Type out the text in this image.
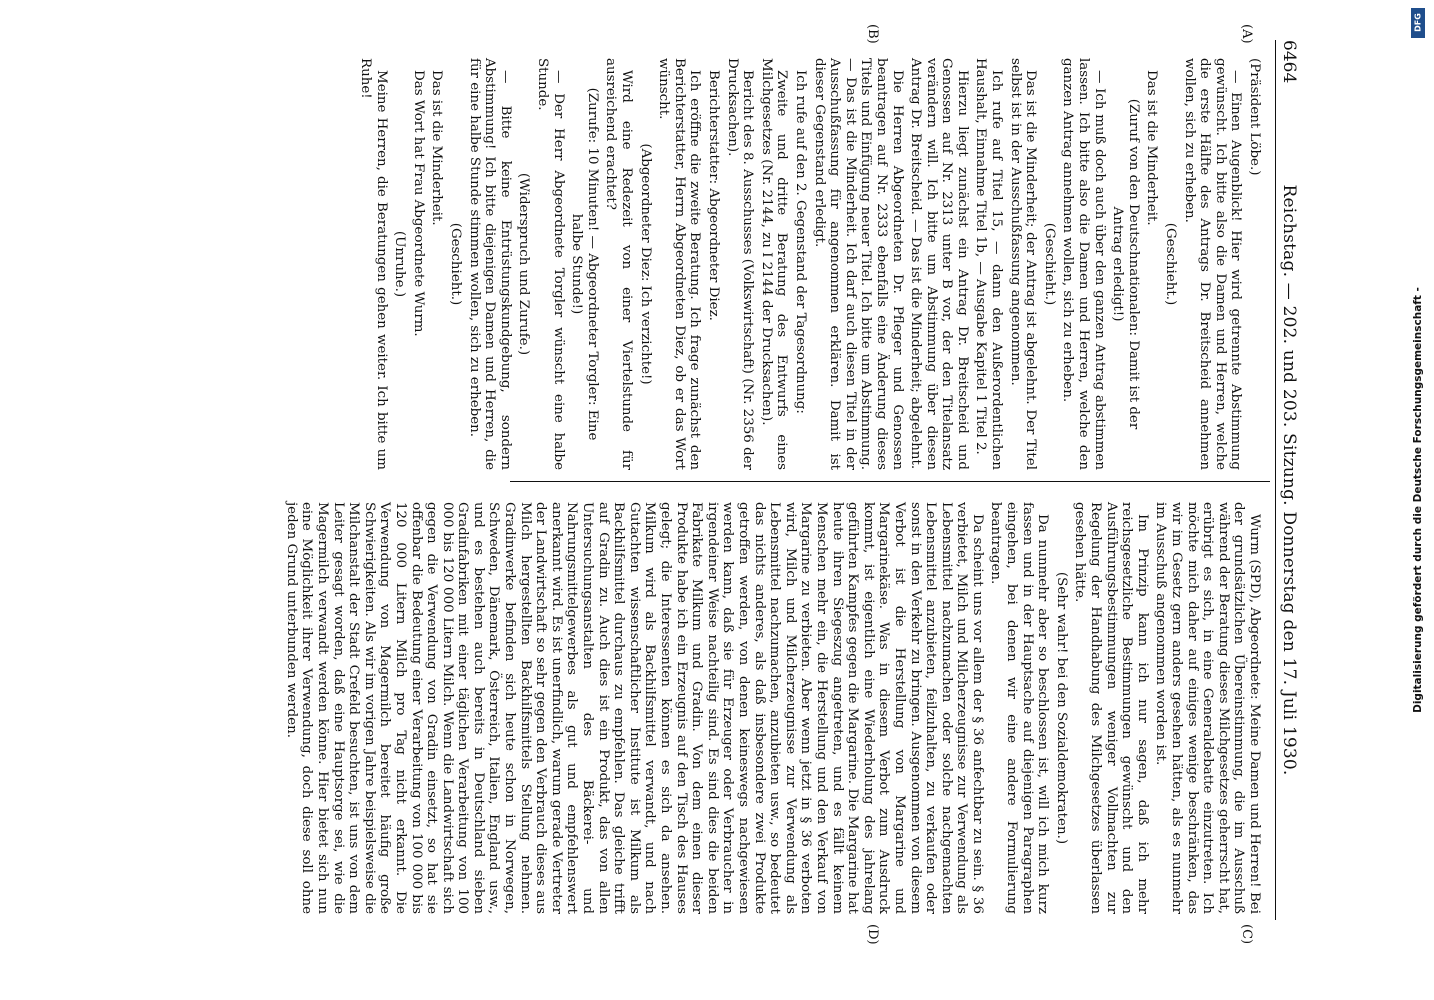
6464
Reichstag. — 202. und 203. Sitzung. Donnerstag den 17. Juli 1930.
(A)
(B)
(C)
(D)

(Präsident Löbe.)

— Einen Augenblick! Hier wird getrennte Abstimmung gewünscht. Ich bitte also die Damen und Herren, welche die erste Hälfte des Antrags Dr. Breitscheid annehmen wollen, sich zu erheben.

(Geschieht.)

Das ist die Minderheit.

(Zuruf von den Deutschnationalen: Damit ist der Antrag erledigt!)

— Ich muß doch auch über den ganzen Antrag abstimmen lassen. Ich bitte also die Damen und Herren, welche den ganzen Antrag annehmen wollen, sich zu erheben.

(Geschieht.)

Das ist die Minderheit; der Antrag ist abgelehnt. Der Titel selbst ist in der Ausschußfassung angenommen.

Ich rufe auf Titel 15, — dann den Außerordentlichen Haushalt, Einnahme Titel 1b, — Ausgabe Kapitel 1 Titel 2.

Hierzu liegt zunächst ein Antrag Dr. Breitscheid und Genossen auf Nr. 2313 unter B vor, der den Titelansatz verändern will. Ich bitte um Abstimmung über diesen Antrag Dr. Breitscheid. — Das ist die Minderheit; abgelehnt.

Die Herren Abgeordneten Dr. Pfleger und Genossen beantragen auf Nr. 2333 ebenfalls eine Änderung dieses Titels und Einfügung neuer Titel. Ich bitte um Abstimmung. — Das ist die Minderheit. Ich darf auch diesen Titel in der Ausschußfassung für angenommen erklären. Damit ist dieser Gegenstand erledigt.

Ich rufe auf den 2. Gegenstand der Tagesordnung:

Zweite und dritte Beratung des Entwurfs eines Milchgesetzes (Nr. 2144, zu I 2144 der Drucksachen).

Bericht des 8. Ausschusses (Volkswirtschaft) (Nr. 2356 der Drucksachen).

Berichterstatter: Abgeordneter Diez.

Ich eröffne die zweite Beratung. Ich frage zunächst den Berichterstatter, Herrn Abgeordneten Diez, ob er das Wort wünscht.

(Abgeordneter Diez: Ich verzichte!)

Wird eine Redezeit von einer Viertelstunde für ausreichend erachtet?

(Zurufe: 10 Minuten! — Abgeordneter Torgler: Eine halbe Stunde!)

— Der Herr Abgeordnete Torgler wünscht eine halbe Stunde.

(Widerspruch und Zurufe.)

— Bitte keine Entrüstungskundgebung, sondern Abstimmung! Ich bitte diejenigen Damen und Herren, die für eine halbe Stunde stimmen wollen, sich zu erheben.

(Geschieht.)

Das ist die Minderheit.

Das Wort hat Frau Abgeordnete Wurm.

(Unruhe.)

Meine Herren, die Beratungen gehen weiter. Ich bitte um Ruhe!

Wurm (SPD), Abgeordnete: Meine Damen und Herren! Bei der grundsätzlichen Übereinstimmung, die im Ausschuß während der Beratung dieses Milchgesetzes geherrscht hat, erübrigt es sich, in eine Generaldebatte einzutreten. Ich möchte mich daher auf einiges wenige beschränken, das wir im Gesetz gern anders gesehen hätten, als es nunmehr im Ausschuß angenommen worden ist.

Im Prinzip kann ich nur sagen, daß ich mehr reichsgesetzliche Bestimmungen gewünscht und den Ausführungsbestimmungen weniger Vollmachten zur Regelung der Handhabung des Milchgesetzes überlassen gesehen hätte.

(Sehr wahr! bei den Sozialdemokraten.)

Da nunmehr aber so beschlossen ist, will ich mich kurz fassen und in der Hauptsache auf diejenigen Paragraphen eingehen, bei denen wir eine andere Formulierung beantragen.

Da scheint uns vor allem der § 36 anfechtbar zu sein. § 36 verbietet, Milch und Milcherzeugnisse zur Verwendung als Lebensmittel nachzumachen oder solche nachgemachten Lebensmittel anzubieten, feilzuhalten, zu verkaufen oder sonst in den Verkehr zu bringen. Ausgenommen von diesem Verbot ist die Herstellung von Margarine und Margarinekäse. Was in diesem Verbot zum Ausdruck kommt, ist eigentlich eine Wiederholung des jahrelang geführten Kampfes gegen die Margarine. Die Margarine hat heute ihren Siegeszug angetreten, und es fällt keinem Menschen mehr ein, die Herstellung und den Verkauf von Margarine zu verbieten. Aber wenn jetzt in § 36 verboten wird, Milch und Milcherzeugnisse zur Verwendung als Lebensmittel nachzumachen, anzubieten usw., so bedeutet das nichts anderes, als daß insbesondere zwei Produkte getroffen werden, von denen keineswegs nachgewiesen werden kann, daß sie für Erzeuger oder Verbraucher in irgendeiner Weise nachteilig sind. Es sind dies die beiden Fabrikate Milkum und Gradin. Von dem einen dieser Produkte habe ich ein Erzeugnis auf den Tisch des Hauses gelegt; die Interessenten können es sich da ansehen. Milkum wird als Backhilfsmittel verwandt, und nach Gutachten wissenschaftlicher Institute ist Milkum als Backhilfsmittel durchaus zu empfehlen. Das gleiche trifft auf Gradin zu. Auch dies ist ein Produkt, das von allen Untersuchungsanstalten des Bäckerei- und Nahrungsmittelgewerbes als gut und empfehlenswert anerkannt wird. Es ist unerfindlich, warum gerade Vertreter der Landwirtschaft so sehr gegen den Verbrauch dieses aus Milch hergestellten Backhilfsmittels Stellung nehmen. Gradinwerke befinden sich heute schon in Norwegen, Schweden, Dänemark, Österreich, Italien, England usw., und es bestehen auch bereits in Deutschland sieben Gradinfabriken mit einer täglichen Verarbeitung von 100 000 bis 120 000 Litern Milch. Wenn die Landwirtschaft sich gegen die Verwendung von Gradin einsetzt, so hat sie offenbar die Bedeutung einer Verarbeitung von 100 000 bis 120 000 Litern Milch pro Tag nicht erkannt. Die Verwendung von Magermilch bereitet häufig große Schwierigkeiten. Als wir im vorigen Jahre beispielsweise die Milchanstalt der Stadt Crefeld besuchten, ist uns von dem Leiter gesagt worden, daß eine Hauptsorge sei, wie die Magermilch verwandt werden könne. Hier bietet sich nun eine Möglichkeit ihrer Verwendung, doch diese soll ohne jeden Grund unterbunden werden.

DFG
Digitalisierung gefördert durch die Deutsche Forschungsgemeinschaft -
